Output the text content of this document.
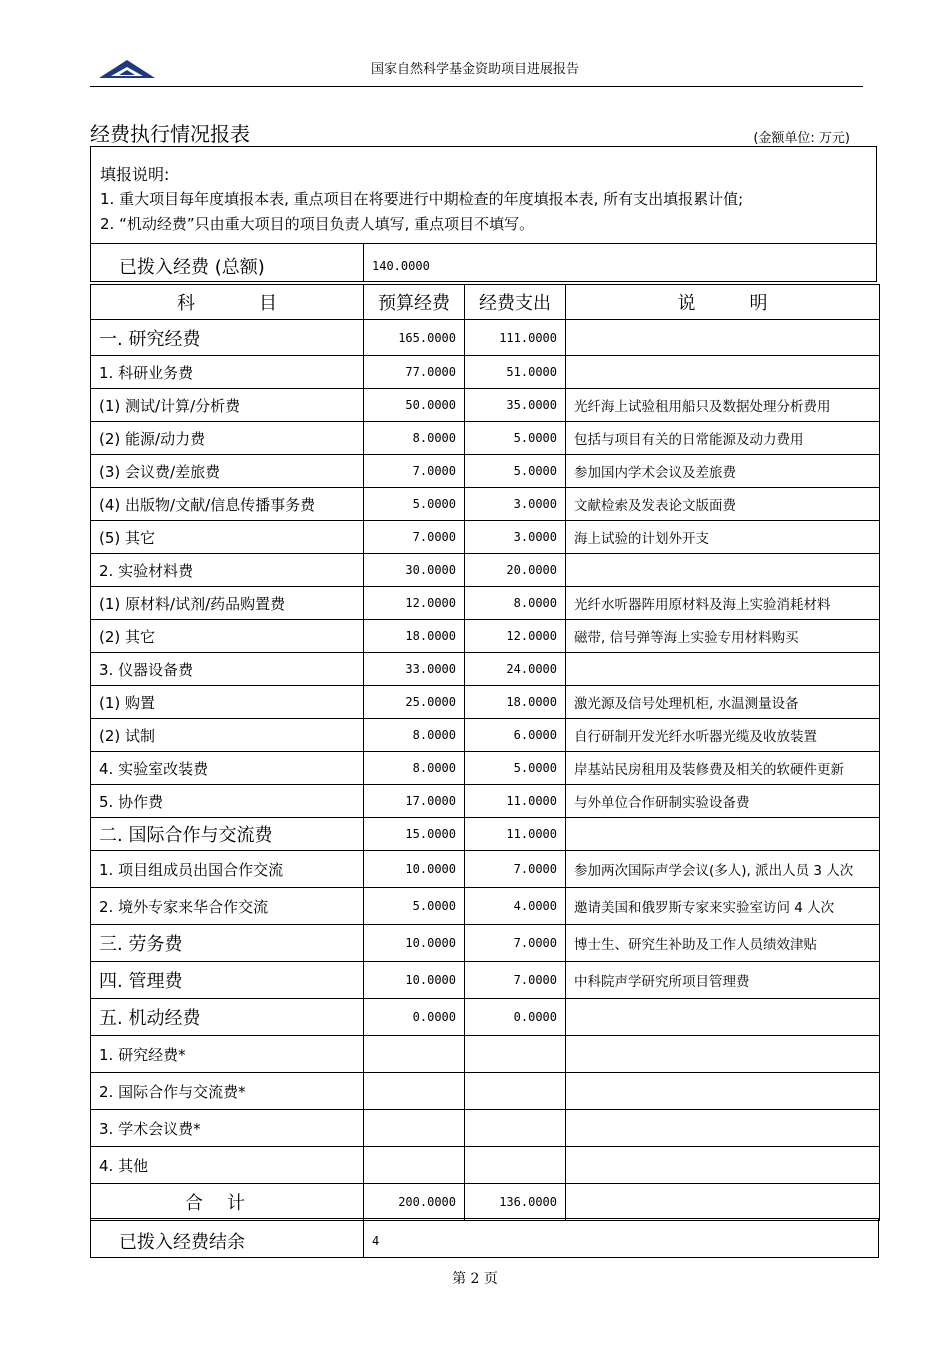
国家自然科学基金资助项目进展报告
经费执行情况报表	(金额单位: 万元)
填报说明:
1. 重大项目每年度填报本表, 重点项目在将要进行中期检查的年度填报本表, 所有支出填报累计值;
2. “机动经费”只由重大项目的项目负责人填写, 重点项目不填写。
已拨入经费 (总额)	140.0000
科目	预算经费	经费支出	说明
一. 研究经费	165.0000	111.0000	
1. 科研业务费	77.0000	51.0000	
(1) 测试/计算/分析费	50.0000	35.0000	光纤海上试验租用船只及数据处理分析费用
(2) 能源/动力费	8.0000	5.0000	包括与项目有关的日常能源及动力费用
(3) 会议费/差旅费	7.0000	5.0000	参加国内学术会议及差旅费
(4) 出版物/文献/信息传播事务费	5.0000	3.0000	文献检索及发表论文版面费
(5) 其它	7.0000	3.0000	海上试验的计划外开支
2. 实验材料费	30.0000	20.0000	
(1) 原材料/试剂/药品购置费	12.0000	8.0000	光纤水听器阵用原材料及海上实验消耗材料
(2) 其它	18.0000	12.0000	磁带, 信号弹等海上实验专用材料购买
3. 仪器设备费	33.0000	24.0000	
(1) 购置	25.0000	18.0000	激光源及信号处理机柜, 水温测量设备
(2) 试制	8.0000	6.0000	自行研制开发光纤水听器光缆及收放装置
4. 实验室改装费	8.0000	5.0000	岸基站民房租用及装修费及相关的软硬件更新
5. 协作费	17.0000	11.0000	与外单位合作研制实验设备费
二. 国际合作与交流费	15.0000	11.0000	
1. 项目组成员出国合作交流	10.0000	7.0000	参加两次国际声学会议(多人), 派出人员 3 人次
2. 境外专家来华合作交流	5.0000	4.0000	邀请美国和俄罗斯专家来实验室访问 4 人次
三. 劳务费	10.0000	7.0000	博士生、研究生补助及工作人员绩效津贴
四. 管理费	10.0000	7.0000	中科院声学研究所项目管理费
五. 机动经费	0.0000	0.0000	
1. 研究经费*			
2. 国际合作与交流费*			
3. 学术会议费*			
4. 其他			
合计	200.0000	136.0000	
已拨入经费结余	4
第 2 页
